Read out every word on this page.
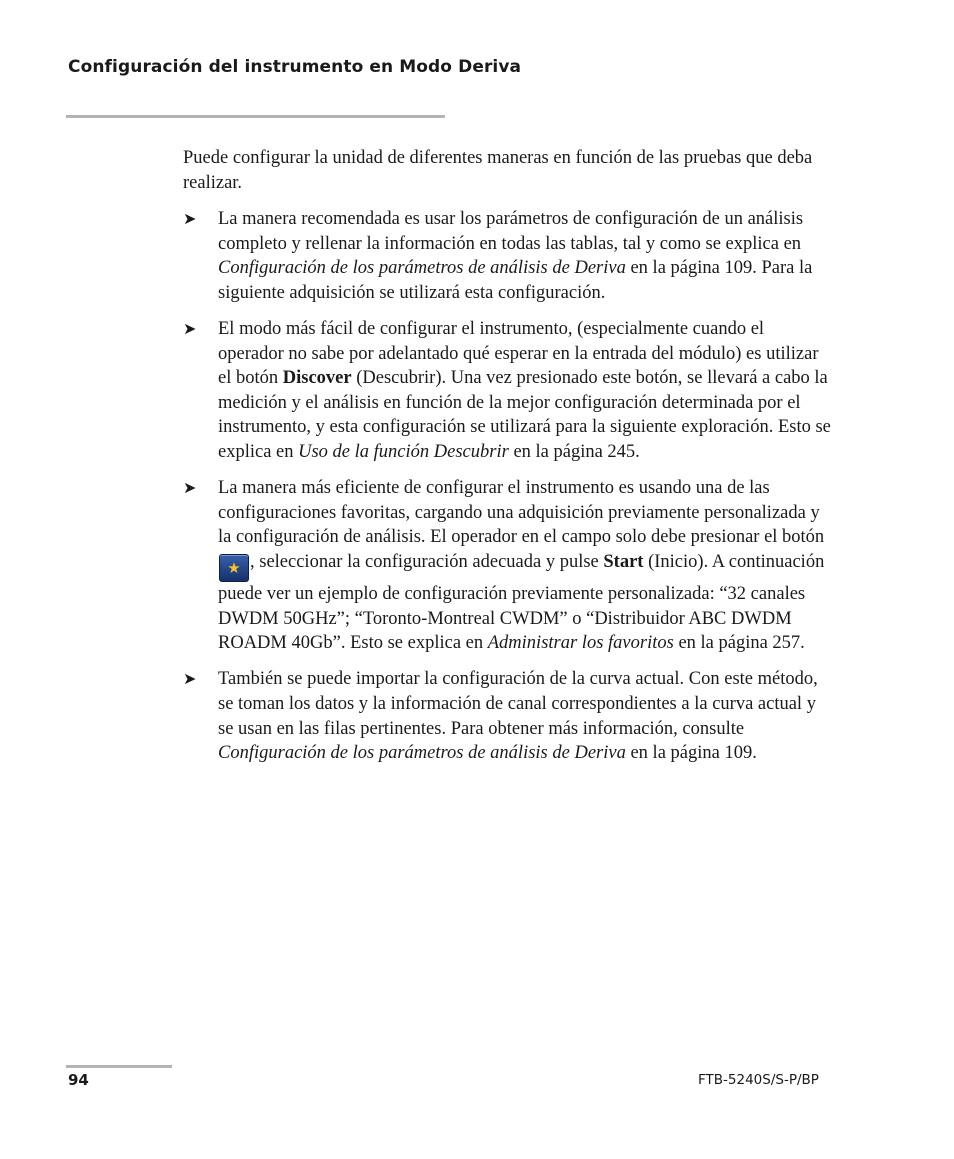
Configuración del instrumento en Modo Deriva

Puede configurar la unidad de diferentes maneras en función de las pruebas que deba realizar.

➤ La manera recomendada es usar los parámetros de configuración de un análisis completo y rellenar la información en todas las tablas, tal y como se explica en Configuración de los parámetros de análisis de Deriva en la página 109. Para la siguiente adquisición se utilizará esta configuración.
➤ El modo más fácil de configurar el instrumento, (especialmente cuando el operador no sabe por adelantado qué esperar en la entrada del módulo) es utilizar el botón Discover (Descubrir). Una vez presionado este botón, se llevará a cabo la medición y el análisis en función de la mejor configuración determinada por el instrumento, y esta configuración se utilizará para la siguiente exploración. Esto se explica en Uso de la función Descubrir en la página 245.
➤ La manera más eficiente de configurar el instrumento es usando una de las configuraciones favoritas, cargando una adquisición previamente personalizada y la configuración de análisis. El operador en el campo solo debe presionar el botón ★ , seleccionar la configuración adecuada y pulse Start (Inicio). A continuación puede ver un ejemplo de configuración previamente personalizada: “32 canales DWDM 50GHz”; “Toronto-Montreal CWDM” o “Distribuidor ABC DWDM ROADM 40Gb”. Esto se explica en Administrar los favoritos en la página 257.
➤ También se puede importar la configuración de la curva actual. Con este método, se toman los datos y la información de canal correspondientes a la curva actual y se usan en las filas pertinentes. Para obtener más información, consulte Configuración de los parámetros de análisis de Deriva en la página 109.
94	FTB-5240S/S-P/BP
